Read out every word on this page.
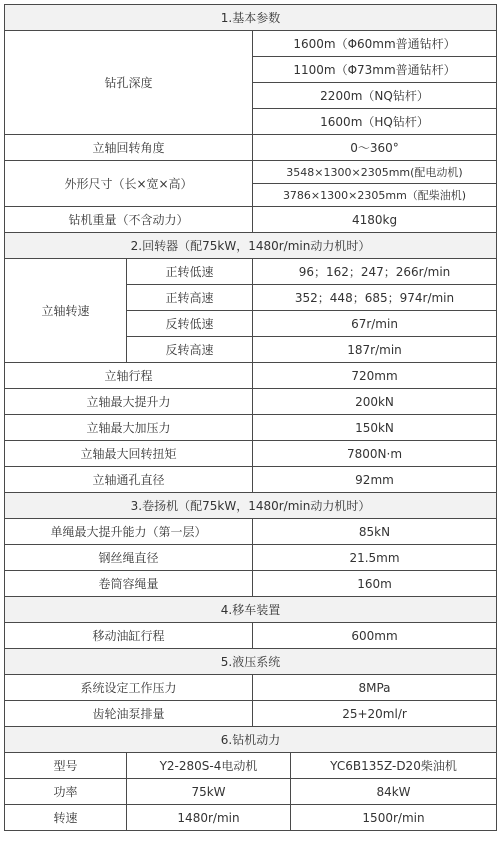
1.基本参数			
钻孔深度		1600m（Φ60mm普通钻杆）	
		1100m（Φ73mm普通钻杆）	
		2200m（NQ钻杆）	
		1600m（HQ钻杆）	
立轴回转角度		0～360°	
外形尺寸（长×宽×高）		3548×1300×2305mm(配电动机)	
		3786×1300×2305mm（配柴油机)	
钻机重量（不含动力）		4180kg	
2.回转器（配75kW，1480r/min动力机时）			
立轴转速	正转低速	96；162；247；266r/min	
	正转高速	352；448；685；974r/min	
	反转低速	67r/min	
	反转高速	187r/min	
立轴行程		720mm	
立轴最大提升力		200kN	
立轴最大加压力		150kN	
立轴最大回转扭矩		7800N·m	
立轴通孔直径		92mm	
3.卷扬机（配75kW，1480r/min动力机时）			
单绳最大提升能力（第一层）		85kN	
钢丝绳直径		21.5mm	
卷筒容绳量		160m	
4.移车装置			
移动油缸行程		600mm	
5.液压系统			
系统设定工作压力		8MPa	
齿轮油泵排量		25+20ml/r	
6.钻机动力			
型号	Y2-280S-4电动机		YC6B135Z-D20柴油机
功率	75kW		84kW
转速	1480r/min		1500r/min
